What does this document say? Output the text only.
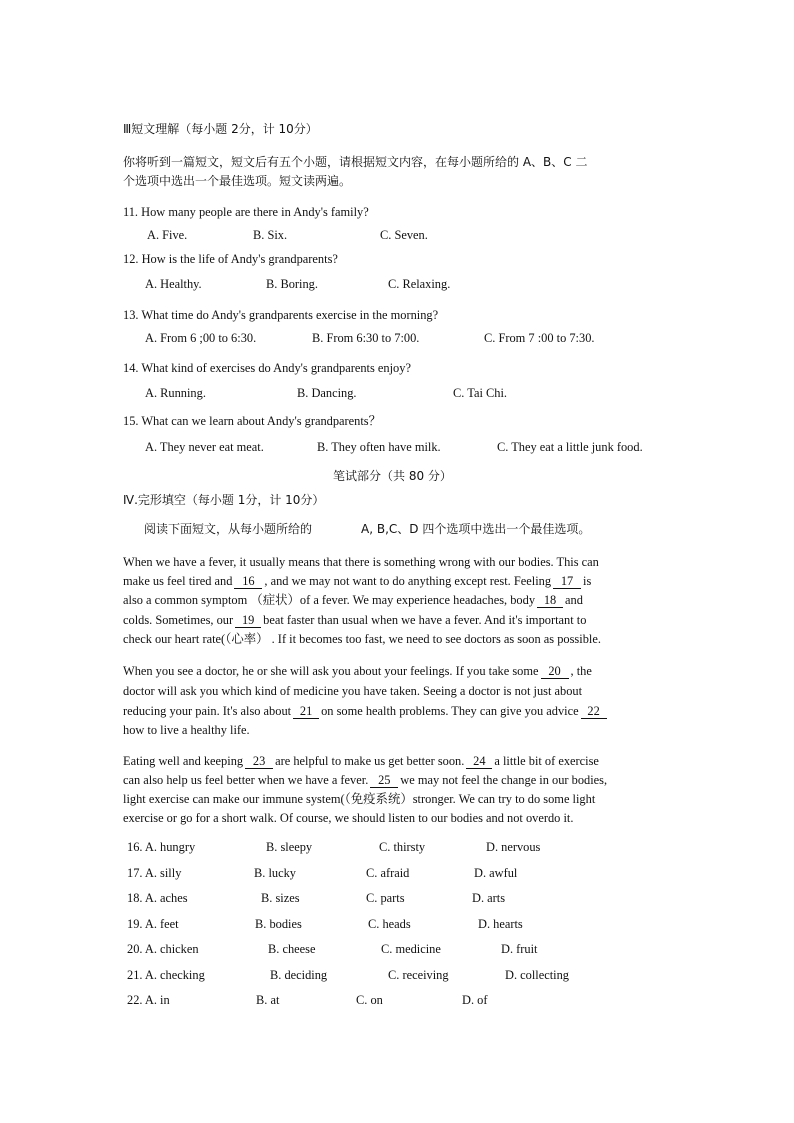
Ⅲ短文理解（每小题 2分，计 10分）
你将听到一篇短文，短文后有五个小题，请根据短文内容，在每小题所给的 A、B、C 二
个选项中选出一个最佳选项。短文读两遍。
11. How many people are there in Andy's family?
A. Five.	B. Six.	C. Seven.
12. How is the life of Andy's grandparents?
A. Healthy.	B. Boring.	C. Relaxing.
13. What time do Andy's grandparents exercise in the morning?
A. From 6 ;00 to 6:30.	B. From 6:30 to 7:00.	C. From 7 :00 to 7:30.
14. What kind of exercises do Andy's grandparents enjoy?
A. Running.	B. Dancing.	C. Tai Chi.
15. What can we learn about Andy's grandparents？
A. They never eat meat.	B. They often have milk.	C. They eat a little junk food.
笔试部分（共 80 分）
Ⅳ.完形填空（每小题 1分，计 10分）
阅读下面短文，从每小题所给的	A, B,C、D 四个选项中选出一个最佳选项。
When we have a fever, it usually means that there is something wrong with our bodies. This can
make us feel tired and 16 , and we may not want to do anything except rest. Feeling 17 is
also a common symptom （症状）of a fever. We may experience headaches, body 18 and
colds. Sometimes, our 19 beat faster than usual when we have a fever. And it's important to
check our heart rate(（心率） . If it becomes too fast, we need to see doctors as soon as possible.
When you see a doctor, he or she will ask you about your feelings. If you take some 20 , the
doctor will ask you which kind of medicine you have taken. Seeing a doctor is not just about
reducing your pain. It's also about 21 on some health problems. They can give you advice 22
how to live a healthy life.
Eating well and keeping 23 are helpful to make us get better soon. 24 a little bit of exercise
can also help us feel better when we have a fever. 25 we may not feel the change in our bodies,
light exercise can make our immune system(（免疫系统）stronger. We can try to do some light
exercise or go for a short walk. Of course, we should listen to our bodies and not overdo it.
16. A. hungry	B. sleepy	C. thirsty	D. nervous
17. A. silly	B. lucky	C. afraid	D. awful
18. A. aches	B. sizes	C. parts	D. arts
19. A. feet	B. bodies	C. heads	D. hearts
20. A. chicken	B. cheese	C. medicine	D. fruit
21. A. checking	B. deciding	C. receiving	D. collecting
22. A. in	B. at	C. on	D. of
